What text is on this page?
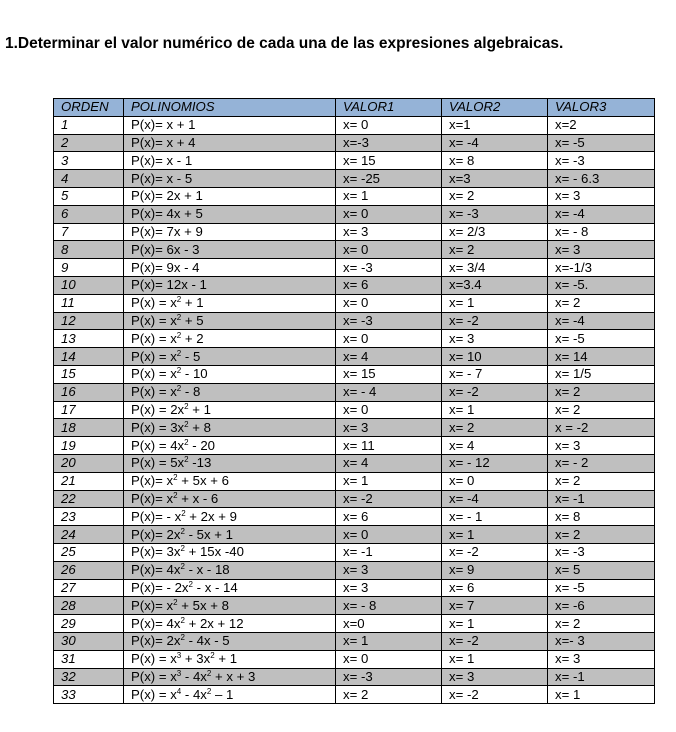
1.Determinar el valor numérico de cada una de las expresiones algebraicas.
ORDEN	POLINOMIOS	VALOR1	VALOR2	VALOR3
1	P(x)= x + 1	x= 0	x=1	x=2
2	P(x)= x + 4	x=-3	x= -4	x= -5
3	P(x)= x - 1	x= 15	x= 8	x= -3
4	P(x)= x - 5	x= -25	x=3	x= - 6.3
5	P(x)= 2x + 1	x= 1	x= 2	x= 3
6	P(x)= 4x + 5	x= 0	x= -3	x= -4
7	P(x)= 7x + 9	x= 3	x= 2/3	x= - 8
8	P(x)= 6x - 3	x= 0	x= 2	x= 3
9	P(x)= 9x - 4	x= -3	x= 3/4	x=-1/3
10	P(x)= 12x - 1	x= 6	x=3.4	x= -5.
11	$P(x) = x^2 + 1$	x= 0	x= 1	x= 2
12	$P(x) = x^2 + 5$	x= -3	x= -2	x= -4
13	$P(x) = x^2 + 2$	x= 0	x= 3	x= -5
14	$P(x) = x^2 - 5$	x= 4	x= 10	x= 14
15	$P(x) = x^2 - 10$	x= 15	x= - 7	x= 1/5
16	$P(x) = x^2 - 8$	x= - 4	x= -2	x= 2
17	$P(x) = 2x^2 + 1$	x= 0	x= 1	x= 2
18	$P(x) = 3x^2 + 8$	x= 3	x= 2	x = -2
19	$P(x) = 4x^2 - 20$	x= 11	x= 4	x= 3
20	$P(x) = 5x^2$ -13	x= 4	x= - 12	x= - 2
21	$P(x)= x^2 + 5x + 6$	x= 1	x= 0	x= 2
22	$P(x)= x^2 + x - 6$	x= -2	x= -4	x= -1
23	$P(x)= - x^2 + 2x + 9$	x= 6	x= - 1	x= 8
24	$P(x)= 2x^2 - 5x + 1$	x= 0	x= 1	x= 2
25	$P(x)= 3x^2 + 15x$ -40	x= -1	x= -2	x= -3
26	$P(x)= 4x^2 - x - 18$	x= 3	x= 9	x= 5
27	$P(x)= - 2x^2 - x - 14$	x= 3	x= 6	x= -5
28	$P(x)= x^2 + 5x + 8$	x= - 8	x= 7	x= -6
29	$P(x)= 4x^2 + 2x + 12$	x=0	x= 1	x= 2
30	$P(x)= 2x^2 - 4x - 5$	x= 1	x= -2	x=- 3
31	$P(x) = x^3 + 3x^2 + 1$	x= 0	x= 1	x= 3
32	$P(x) = x^3 - 4x^2 + x + 3$	x= -3	x= 3	x= -1
33	$P(x) = x^4 - 4x^2 - 1$	x= 2	x= -2	x= 1
